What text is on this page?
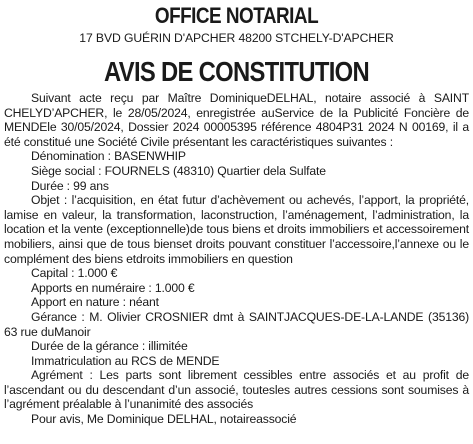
OFFICE NOTARIAL
17 BVD GUÉRIN D'APCHER 48200 STCHELY-D'APCHER
AVIS DE CONSTITUTION

Suivant acte reçu par Maître DominiqueDELHAL, notaire associé à SAINT CHELYD’APCHER, le 28/05/2024, enregistrée auService de la Publicité Foncière de MENDEle 30/05/2024, Dossier 2024 00005395 référence 4804P31 2024 N 00169, il a été constitué une Société Civile présentant les caractéristiques suivantes :

Dénomination : BASENWHIP

Siège social : FOURNELS (48310) Quartier dela Sulfate

Durée : 99 ans

Objet : l’acquisition, en état futur d’achèvement ou achevés, l’apport, la propriété, lamise en valeur, la transformation, laconstruction, l’aménagement, l’administration, la location et la vente (exceptionnelle)de tous biens et droits immobiliers et accessoirement mobiliers, ainsi que de tous bienset droits pouvant constituer l’accessoire,l’annexe ou le complément des biens etdroits immobiliers en question

Capital : 1.000 €

Apports en numéraire : 1.000 €

Apport en nature : néant

Gérance : M. Olivier CROSNIER dmt à SAINTJACQUES-DE-LA-LANDE (35136) 63 rue duManoir

Durée de la gérance : illimitée

Immatriculation au RCS de MENDE

Agrément : Les parts sont librement cessibles entre associés et au profit de l’ascendant ou du descendant d’un associé, toutesles autres cessions sont soumises à l’agrément préalable à l’unanimité des associés

Pour avis, Me Dominique DELHAL, notaireassocié
